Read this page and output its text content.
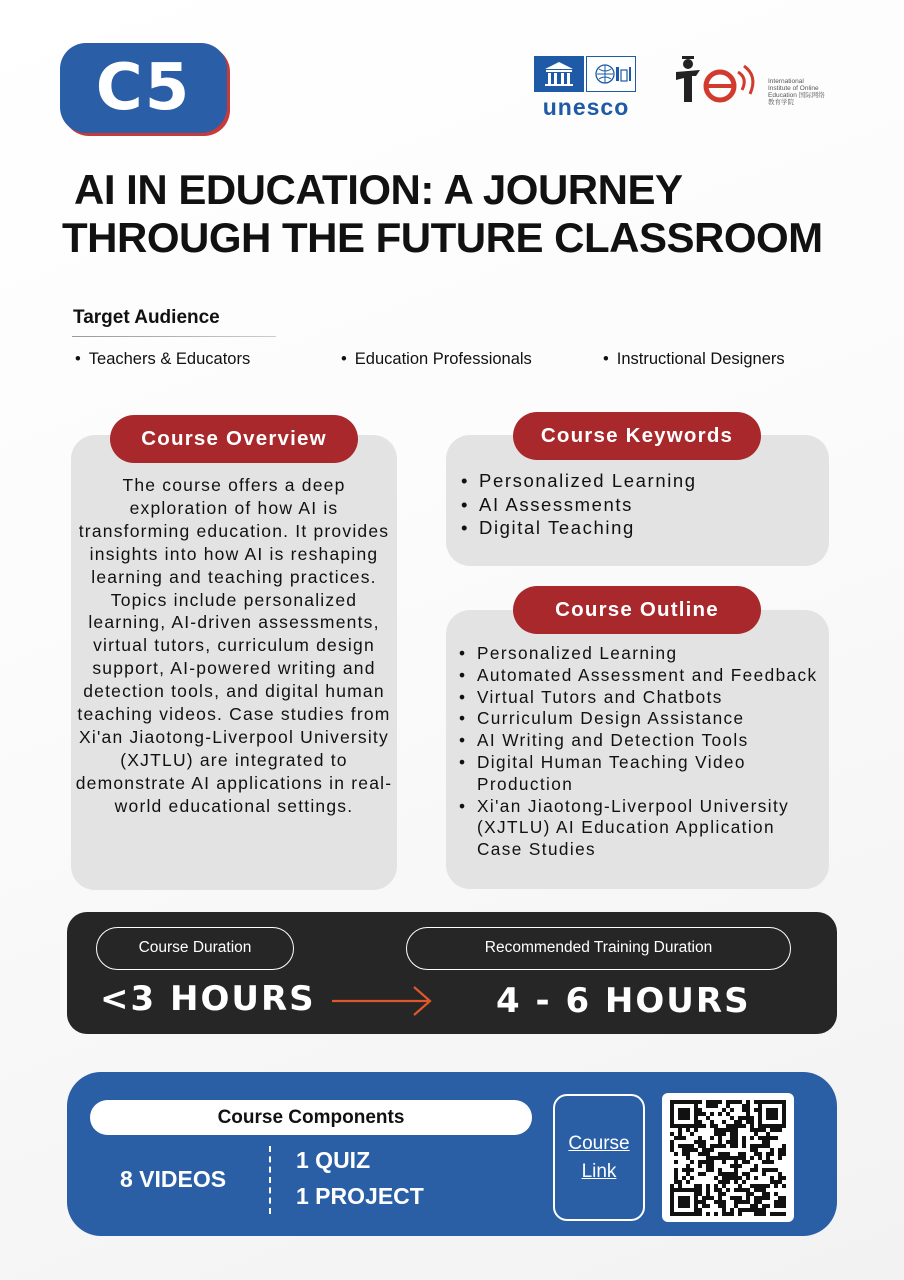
C5	unesco
International Institute of Online Education 国际网络教育学院
AI IN EDUCATION: A JOURNEY
THROUGH THE FUTURE CLASSROOM
Target Audience
• Teachers & Educators	• Education Professionals	• Instructional Designers
Course Overview
The course offers a deep exploration of how AI is transforming education. It provides insights into how AI is reshaping learning and teaching practices. Topics include personalized learning, AI-driven assessments, virtual tutors, curriculum design support, AI-powered writing and detection tools, and digital human teaching videos. Case studies from Xi'an Jiaotong-Liverpool University (XJTLU) are integrated to demonstrate AI applications in real-world educational settings.
Course Keywords
• Personalized Learning
• AI Assessments
• Digital Teaching
Course Outline
• Personalized Learning
• Automated Assessment and Feedback
• Virtual Tutors and Chatbots
• Curriculum Design Assistance
• AI Writing and Detection Tools
• Digital Human Teaching Video Production
• Xi'an Jiaotong-Liverpool University (XJTLU) AI Education Application Case Studies
Course Duration	Recommended Training Duration
<3 HOURS	4 - 6 HOURS
Course Components
8 VIDEOS
1 QUIZ
1 PROJECT
Course Link
